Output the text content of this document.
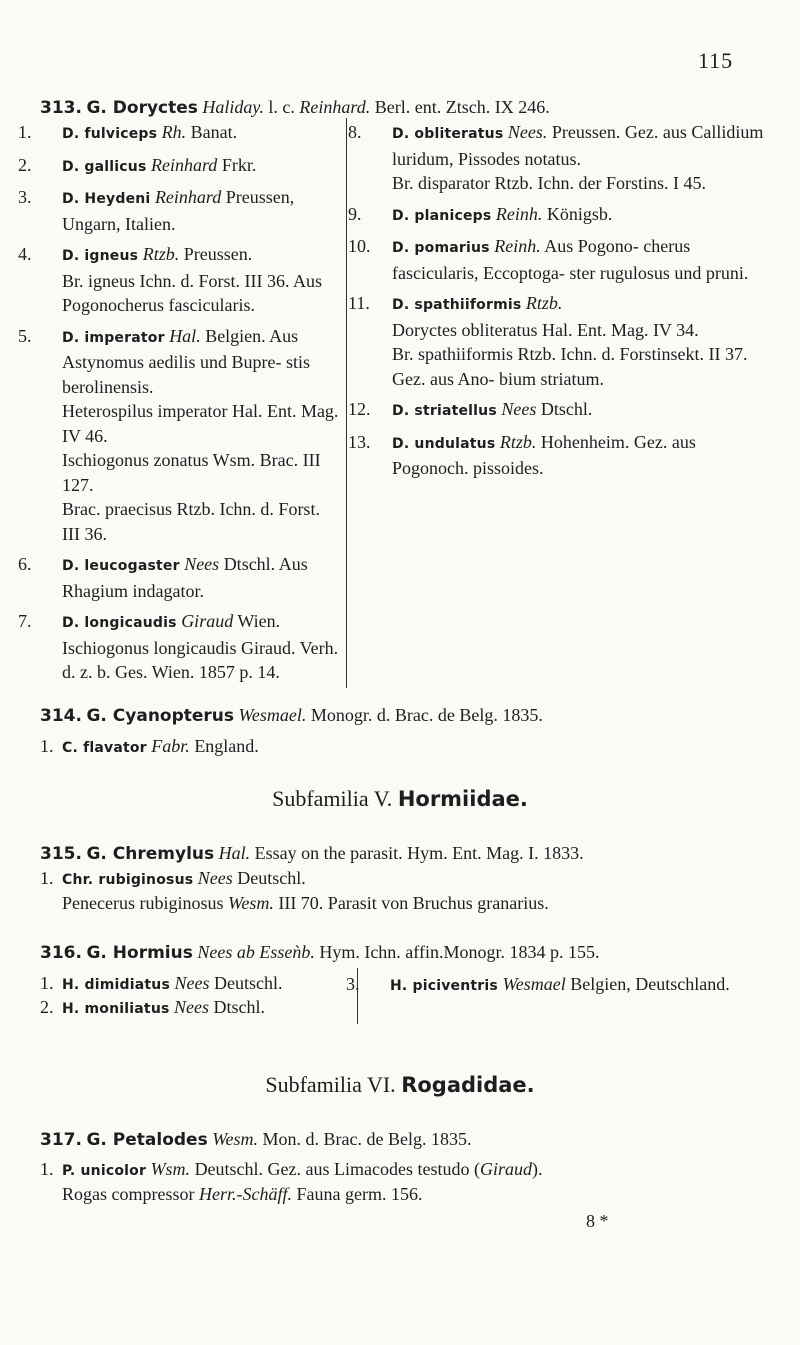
115
313. G. Doryctes Haliday. l. c. Reinhard. Berl. ent. Ztsch. IX 246.
1. D. fulviceps Rh. Banat.
2. D. gallicus Reinhard Frkr.
3. D. Heydeni Reinhard Preussen, Ungarn, Italien.
4. D. igneus Rtzb. Preussen.
Br. igneus Ichn. d. Forst. III 36. Aus Pogonocherus fascicularis.
5. D. imperator Hal. Belgien. Aus Astynomus aedilis und Bupre- stis berolinensis.
Heterospilus imperator Hal. Ent. Mag. IV 46.
Ischiogonus zonatus Wsm. Brac. III 127.
Brac. praecisus Rtzb. Ichn. d. Forst. III 36.
6. D. leucogaster Nees Dtschl. Aus Rhagium indagator.
7. D. longicaudis Giraud Wien.
Ischiogonus longicaudis Giraud. Verh. d. z. b. Ges. Wien. 1857 p. 14.
8. D. obliteratus Nees. Preussen. Gez. aus Callidium luridum, Pissodes notatus.
Br. disparator Rtzb. Ichn. der Forstins. I 45.
9. D. planiceps Reinh. Königsb.
10. D. pomarius Reinh. Aus Pogono- cherus fascicularis, Eccoptoga- ster rugulosus und pruni.
11. D. spathiiformis Rtzb.
Doryctes obliteratus Hal. Ent. Mag. IV 34.
Br. spathiiformis Rtzb. Ichn. d. Forstinsekt. II 37. Gez. aus Ano- bium striatum.
12. D. striatellus Nees Dtschl.
13. D. undulatus Rtzb. Hohenheim. Gez. aus Pogonoch. pissoides.
314. G. Cyanopterus Wesmael. Monogr. d. Brac. de Belg. 1835.
1. C. flavator Fabr. England.
Subfamilia V. Hormiidae.
315. G. Chremylus Hal. Essay on the parasit. Hym. Ent. Mag. I. 1833.
1. Chr. rubiginosus Nees Deutschl.
Penecerus rubiginosus Wesm. III 70. Parasit von Bruchus granarius.
316. G. Hormius Nees ab Esseǹb. Hym. Ichn. affin.Monogr. 1834 p. 155.
1. H. dimidiatus Nees Deutschl.
2. H. moniliatus Nees Dtschl.
3. H. piciventris Wesmael Belgien, Deutschland.
Subfamilia VI. Rogadidae.
317. G. Petalodes Wesm. Mon. d. Brac. de Belg. 1835.
1. P. unicolor Wsm. Deutschl. Gez. aus Limacodes testudo (Giraud).
Rogas compressor Herr.-Schäff. Fauna germ. 156.
8 *
